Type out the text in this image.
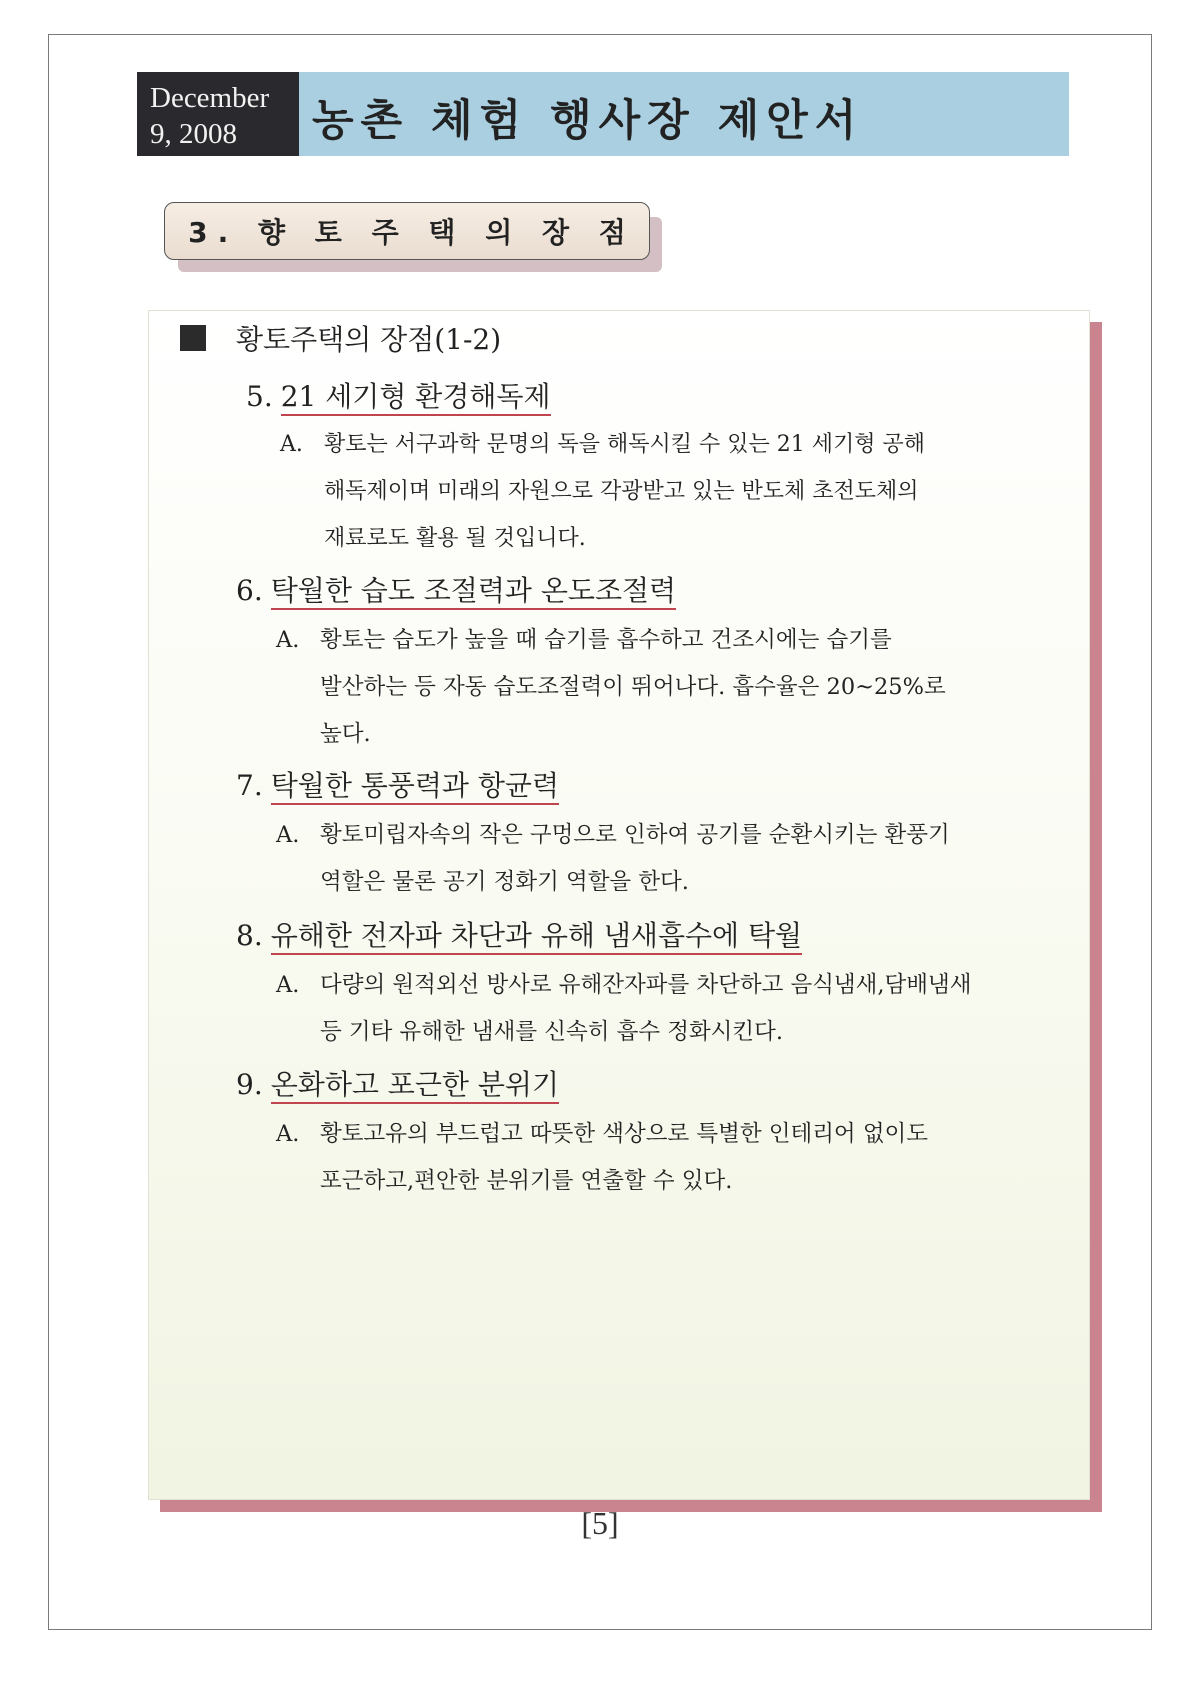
December
9, 2008	농촌 체험 행사장 제안서
3. 향 토 주 택 의 장 점
황토주택의 장점(1-2)
5. 21 세기형 환경해독제
A. 황토는 서구과학 문명의 독을 해독시킬 수 있는 21 세기형 공해
해독제이며 미래의 자원으로 각광받고 있는 반도체 초전도체의
재료로도 활용 될 것입니다.
6. 탁월한 습도 조절력과 온도조절력
A. 황토는 습도가 높을 때 습기를 흡수하고 건조시에는 습기를
발산하는 등 자동 습도조절력이 뛰어나다. 흡수율은 20~25%로
높다.
7. 탁월한 통풍력과 항균력
A. 황토미립자속의 작은 구멍으로 인하여 공기를 순환시키는 환풍기
역할은 물론 공기 정화기 역할을 한다.
8. 유해한 전자파 차단과 유해 냄새흡수에 탁월
A. 다량의 원적외선 방사로 유해잔자파를 차단하고 음식냄새,담배냄새
등 기타 유해한 냄새를 신속히 흡수 정화시킨다.
9. 온화하고 포근한 분위기
A. 황토고유의 부드럽고 따뜻한 색상으로 특별한 인테리어 없이도
포근하고,편안한 분위기를 연출할 수 있다.
[5]
